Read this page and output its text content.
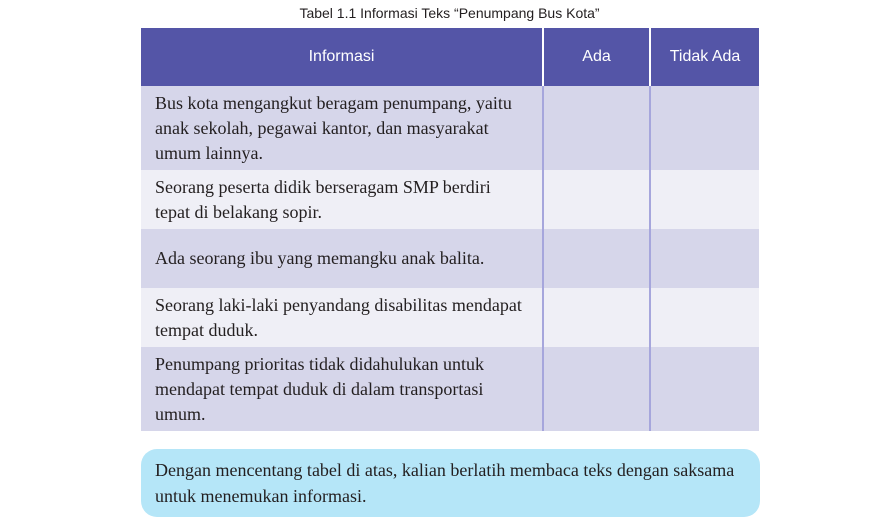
Tabel 1.1 Informasi Teks “Penumpang Bus Kota”
Informasi	Ada	Tidak Ada
Bus kota mengangkut beragam penumpang, yaitu anak sekolah, pegawai kantor, dan masyarakat umum lainnya.		
Seorang peserta didik berseragam SMP berdiri tepat di belakang sopir.		
Ada seorang ibu yang memangku anak balita.		
Seorang laki-laki penyandang disabilitas mendapat tempat duduk.		
Penumpang prioritas tidak didahulukan untuk mendapat tempat duduk di dalam transportasi umum.		
Dengan mencentang tabel di atas, kalian berlatih membaca teks dengan saksama untuk menemukan informasi.
